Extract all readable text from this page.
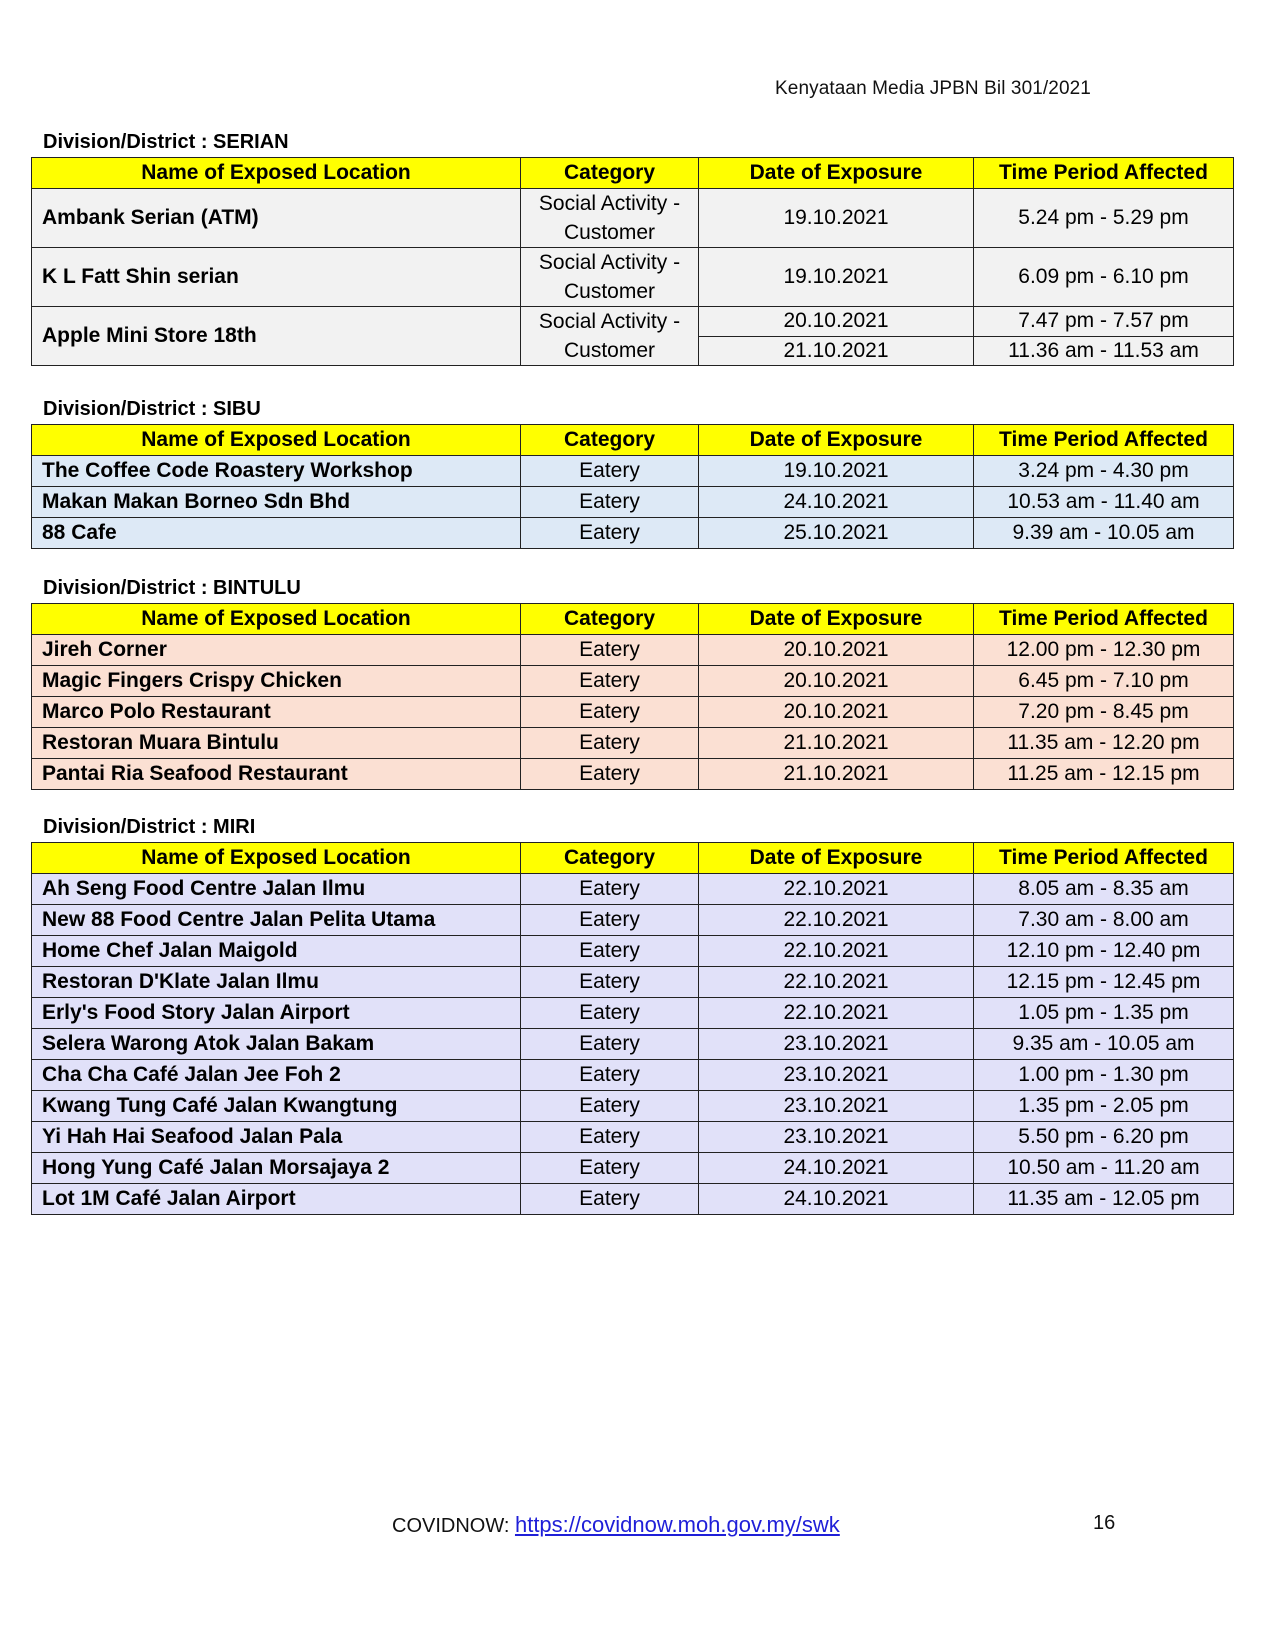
Kenyataan Media JPBN Bil 301/2021
Division/District : SERIAN
Name of Exposed Location	Category	Date of Exposure	Time Period Affected
Ambank Serian (ATM)	Social Activity - Customer	19.10.2021	5.24 pm - 5.29 pm
K L Fatt Shin serian	Social Activity - Customer	19.10.2021	6.09 pm - 6.10 pm
Apple Mini Store 18th	Social Activity - Customer	20.10.2021	7.47 pm - 7.57 pm
		21.10.2021	11.36 am - 11.53 am
Division/District : SIBU
Name of Exposed Location	Category	Date of Exposure	Time Period Affected
The Coffee Code Roastery Workshop	Eatery	19.10.2021	3.24 pm - 4.30 pm
Makan Makan Borneo Sdn Bhd	Eatery	24.10.2021	10.53 am - 11.40 am
88 Cafe	Eatery	25.10.2021	9.39 am - 10.05 am
Division/District : BINTULU
Name of Exposed Location	Category	Date of Exposure	Time Period Affected
Jireh Corner	Eatery	20.10.2021	12.00 pm - 12.30 pm
Magic Fingers Crispy Chicken	Eatery	20.10.2021	6.45 pm - 7.10 pm
Marco Polo Restaurant	Eatery	20.10.2021	7.20 pm - 8.45 pm
Restoran Muara Bintulu	Eatery	21.10.2021	11.35 am - 12.20 pm
Pantai Ria Seafood Restaurant	Eatery	21.10.2021	11.25 am - 12.15 pm
Division/District : MIRI
Name of Exposed Location	Category	Date of Exposure	Time Period Affected
Ah Seng Food Centre Jalan Ilmu	Eatery	22.10.2021	8.05 am - 8.35 am
New 88 Food Centre Jalan Pelita Utama	Eatery	22.10.2021	7.30 am - 8.00 am
Home Chef Jalan Maigold	Eatery	22.10.2021	12.10 pm - 12.40 pm
Restoran D'Klate Jalan Ilmu	Eatery	22.10.2021	12.15 pm - 12.45 pm
Erly's Food Story Jalan Airport	Eatery	22.10.2021	1.05 pm - 1.35 pm
Selera Warong Atok Jalan Bakam	Eatery	23.10.2021	9.35 am - 10.05 am
Cha Cha Café Jalan Jee Foh 2	Eatery	23.10.2021	1.00 pm - 1.30 pm
Kwang Tung Café Jalan Kwangtung	Eatery	23.10.2021	1.35 pm - 2.05 pm
Yi Hah Hai Seafood Jalan Pala	Eatery	23.10.2021	5.50 pm - 6.20 pm
Hong Yung Café Jalan Morsajaya 2	Eatery	24.10.2021	10.50 am - 11.20 am
Lot 1M Café Jalan Airport	Eatery	24.10.2021	11.35 am - 12.05 pm
COVIDNOW: https://covidnow.moh.gov.my/swk	16
